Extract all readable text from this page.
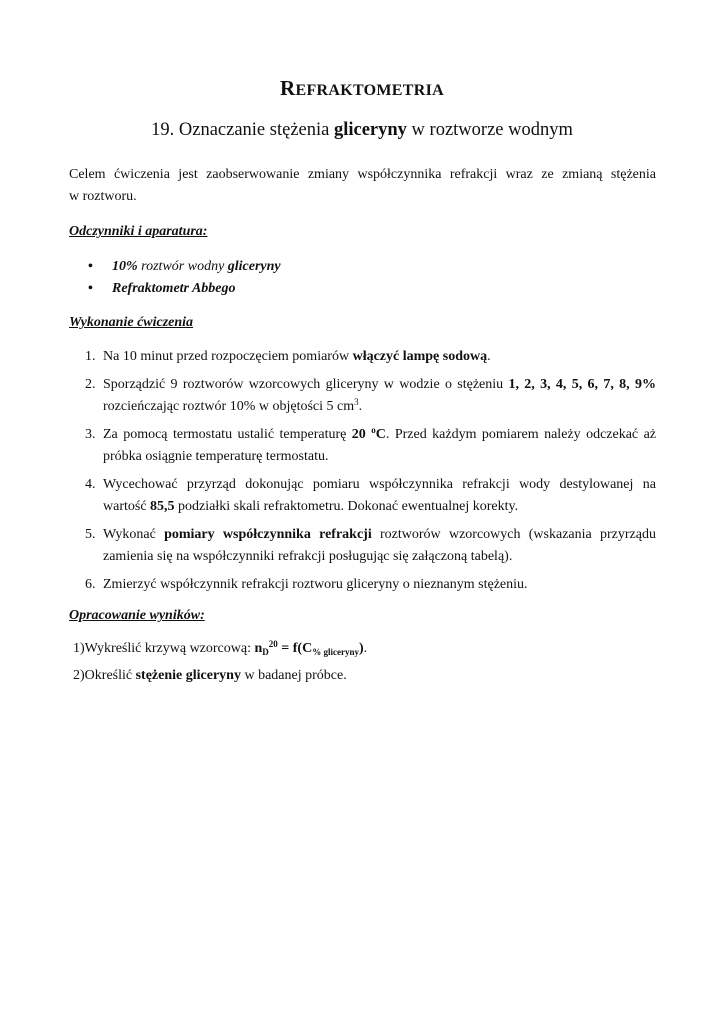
REFRAKTOMETRIA
19. Oznaczanie stężenia gliceryny w roztworze wodnym

Celem ćwiczenia jest zaobserwowanie zmiany współczynnika refrakcji wraz ze zmianą stężenia

w roztworu.

Odczynniki i aparatura:
• 10% roztwór wodny gliceryny
• Refraktometr Abbego
Wykonanie ćwiczenia
1. Na 10 minut przed rozpoczęciem pomiarów włączyć lampę sodową.
2. Sporządzić 9 roztworów wzorcowych gliceryny w wodzie o stężeniu 1, 2, 3, 4, 5, 6, 7, 8, 9% rozcieńczając roztwór 10% w objętości 5 $cm^3$.
3. Za pomocą termostatu ustalić temperaturę 20 $^o$C. Przed każdym pomiarem należy odczekać aż próbka osiągnie temperaturę termostatu.
4. Wycechować przyrząd dokonując pomiaru współczynnika refrakcji wody destylowanej na wartość 85,5 podziałki skali refraktometru. Dokonać ewentualnej korekty.
5. Wykonać pomiary współczynnika refrakcji roztworów wzorcowych (wskazania przyrządu zamienia się na współczynniki refrakcji posługując się załączoną tabelą).
6. Zmierzyć współczynnik refrakcji roztworu gliceryny o nieznanym stężeniu.
Opracowanie wyników:
1)Wykreślić krzywą wzorcową: $n_D^{20} = f(C_{\% gliceryny})$.
2)Określić stężenie gliceryny w badanej próbce.
